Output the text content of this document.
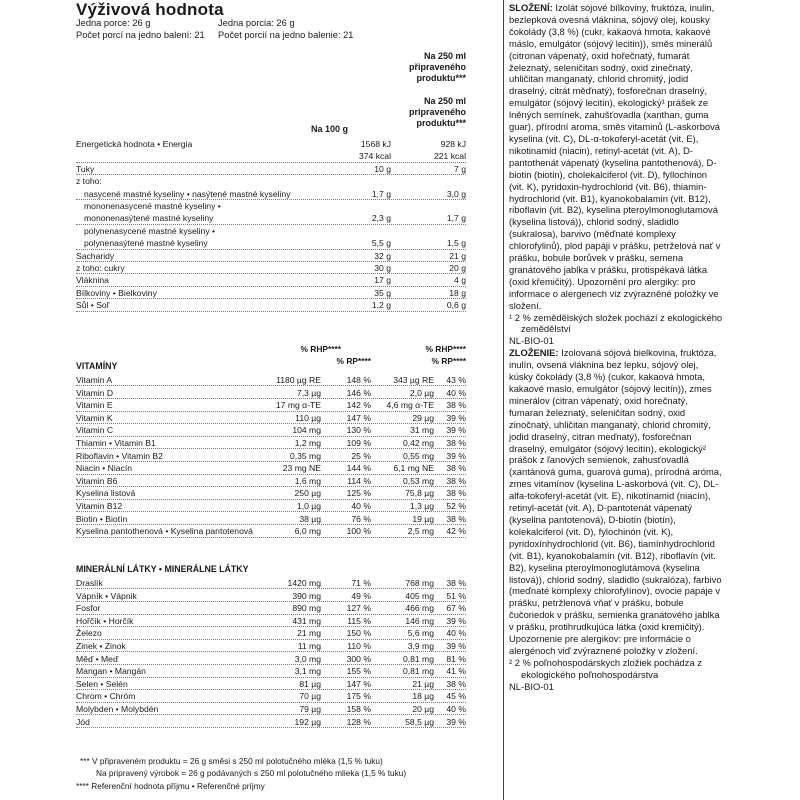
Výživová hodnota
Jedna porce: 26 g	Jedna porcia: 26 g
Počet porcí na jedno balení: 21 Počet porcií na jedno balenie: 21
Na 250 ml připraveného produktu***
Na 250 ml pripraveného produktu***
Na 100 g
Energetická hodnota • Energia	1568 kJ	928 kJ
374 kcal	221 kcal
Tuky	10 g	7 g
z toho:
nasycené mastné kyseliny • nasýtené mastné kyseliny	1,7 g	3,0 g
mononenasycené mastné kyseliny •
mononenasýtené mastné kyseliny	2,3 g	1,7 g
polynenasycené mastné kyseliny •
polynenasýtené mastné kyseliny	5,5 g	1,5 g
Sacharidy	32 g	21 g
z toho: cukry	30 g	20 g
Vláknina	17 g	4 g
Bílkoviny • Bielkoviny	35 g	18 g
Sůl • Soľ	1,2 g	0,6 g
% RHP****
% RP****
% RHP****
% RP****
VITAMÍNY
Vitamin A	1180 µg RE	148 %	343 µg RE 43 %
Vitamin D	7,3 µg	146 %	2,0 µg 40 %
Vitamin E	17 mg α-TE	142 % 4,6 mg α-TE 38 %
Vitamin K	110 µg	147 %	29 µg 39 %
Vitamin C	104 mg	130 %	31 mg 39 %
Thiamin • Vitamin B1	1,2 mg	109 %	0,42 mg 38 %
Riboflavin • Vitamin B2	0,35 mg	25 %	0,55 mg 39 %
Niacin • Niacín	23 mg NE	144 %	6,1 mg NE 38 %
Vitamin B6	1,6 mg	114 %	0,53 mg 38 %
Kyselina listová	250 µg	125 %	75,8 µg 38 %
Vitamin B12	1,0 µg	40 %	1,3 µg 52 %
Biotin • Biotín	38 µg	76 %	19 µg 38 %
Kyselina pantothenová • Kyselina pantotenová	6,0 mg	100 %	2,5 mg 42 %
MINERÁLNÍ LÁTKY • MINERÁLNE LÁTKY
Draslík	1420 mg	71 %	768 mg 38 %
Vápník • Vápnik	390 mg	49 %	405 mg 51 %
Fosfor	890 mg	127 %	466 mg 67 %
Hořčík • Horčík	431 mg	115 %	146 mg 39 %
Železo	21 mg	150 %	5,6 mg 40 %
Zinek • Zinok	11 mg	110 %	3,9 mg 39 %
Měď • Meď	3,0 mg	300 %	0,81 mg 81 %
Mangan • Mangán	3,1 mg	155 %	0,81 mg 41 %
Selen • Selén	81 µg	147 %	21 µg 38 %
Chrom • Chróm	70 µg	175 %	18 µg 45 %
Molybden • Molybdén	79 µg	158 %	20 µg 40 %
Jód	192 µg	128 %	58,5 µg 39 %
*** V připraveném produktu = 26 g směsi s 250 ml polotučného mléka (1,5 % tuku)
Na pripravený výrobok = 26 g podávaných s 250 ml polotučného mlieka (1,5 % tuku)
**** Referenční hodnota příjmu • Referenčné príjmy

SLOŽENÍ: Izolát sójové bílkoviny, fruktóza, inulin, bezlepková ovesná vláknina, sójový olej, kousky čokolády (3,8 %) (cukr, kakaová hmota, kakaové máslo, emulgátor (sójový lecitin)), směs minerálů (citronan vápenatý, oxid hořečnatý, fumarát železnatý, seleničitan sodný, oxid zinečnatý, uhličitan manganatý, chlorid chromitý, jodid draselný, citrát měďnatý), fosforečnan draselný, emulgátor (sójový lecitin), ekologický¹ prášek ze lněných semínek, zahušťovadla (xanthan, guma guar), přírodní aroma, směs vitaminů (L-askorbová kyselina (vit. C), DL-α-tokoferyl-acetát (vit. E), nikotinamid (niacin), retinyl-acetát (vit. A), D-pantothenát vápenatý (kyselina pantothenová), D-biotin (biotin), cholekalciferol (vit. D), fyllochinon (vit. K), pyridoxin-hydrochlorid (vit. B6), thiamin-hydrochlorid (vit. B1), kyanokobalamin (vit. B12), riboflavin (vit. B2), kyselina pteroylmonoglutamová (kyselina listová)), chlorid sodný, sladidlo (sukralosa), barvivo (měďnaté komplexy chlorofylinů), plod papáji v prášku, petrželová nať v prášku, bobule borůvek v prášku, semena granátového jablka v prášku, protispékavá látka (oxid křemičitý). Upozornění pro alergiky: pro informace o alergenech viz zvýrazněné položky ve složení.

¹ 2 % zemědělských složek pochází z ekologického zemědělství

NL-BIO-01

ZLOŽENIE: Izolovaná sójová bielkovina, fruktóza, inulín, ovsená vláknina bez lepku, sójový olej, kúsky čokolády (3,8 %) (cukor, kakaová hmota, kakaové maslo, emulgátor (sójový lecitín)), zmes minerálov (citran vápenatý, oxid horečnatý, fumaran železnatý, seleničitan sodný, oxid zinočnatý, uhličitan manganatý, chlorid chromitý, jodid draselný, citran meďnatý), fosforečnan draselný, emulgátor (sójový lecitín), ekologický² prášok z ľanových semienok, zahusťovadlá (xantánová guma, guarová guma), prírodná aróma, zmes vitamínov (kyselina L-askorbová (vit. C), DL-alfa-tokoferyl-acetát (vit. E), nikotínamid (niacín), retinyl-acetát (vit. A), D-pantotenát vápenatý (kyselina pantotenová), D-biotín (biotín), kolekalciferol (vit. D), fylochinón (vit. K), pyridoxínhydrochlorid (vit. B6), tiamínhydrochlorid (vit. B1), kyanokobalamín (vit. B12), riboflavín (vit. B2), kyselina pteroylmonoglutámová (kyselina listová)), chlorid sodný, sladidlo (sukralóza), farbivo (meďnaté komplexy chlorofylínov), ovocie papáje v prášku, petržlenová vňať v prášku, bobule čučoriedok v prášku, semienka granátového jablka v prášku, protihrudkujúca látka (oxid kremičitý). Upozornenie pre alergikov: pre informácie o alergénoch viď zvýraznené položky v zložení.

² 2 % poľnohospodárskych zložiek pochádza z ekologického poľnohospodárstva

NL-BIO-01
